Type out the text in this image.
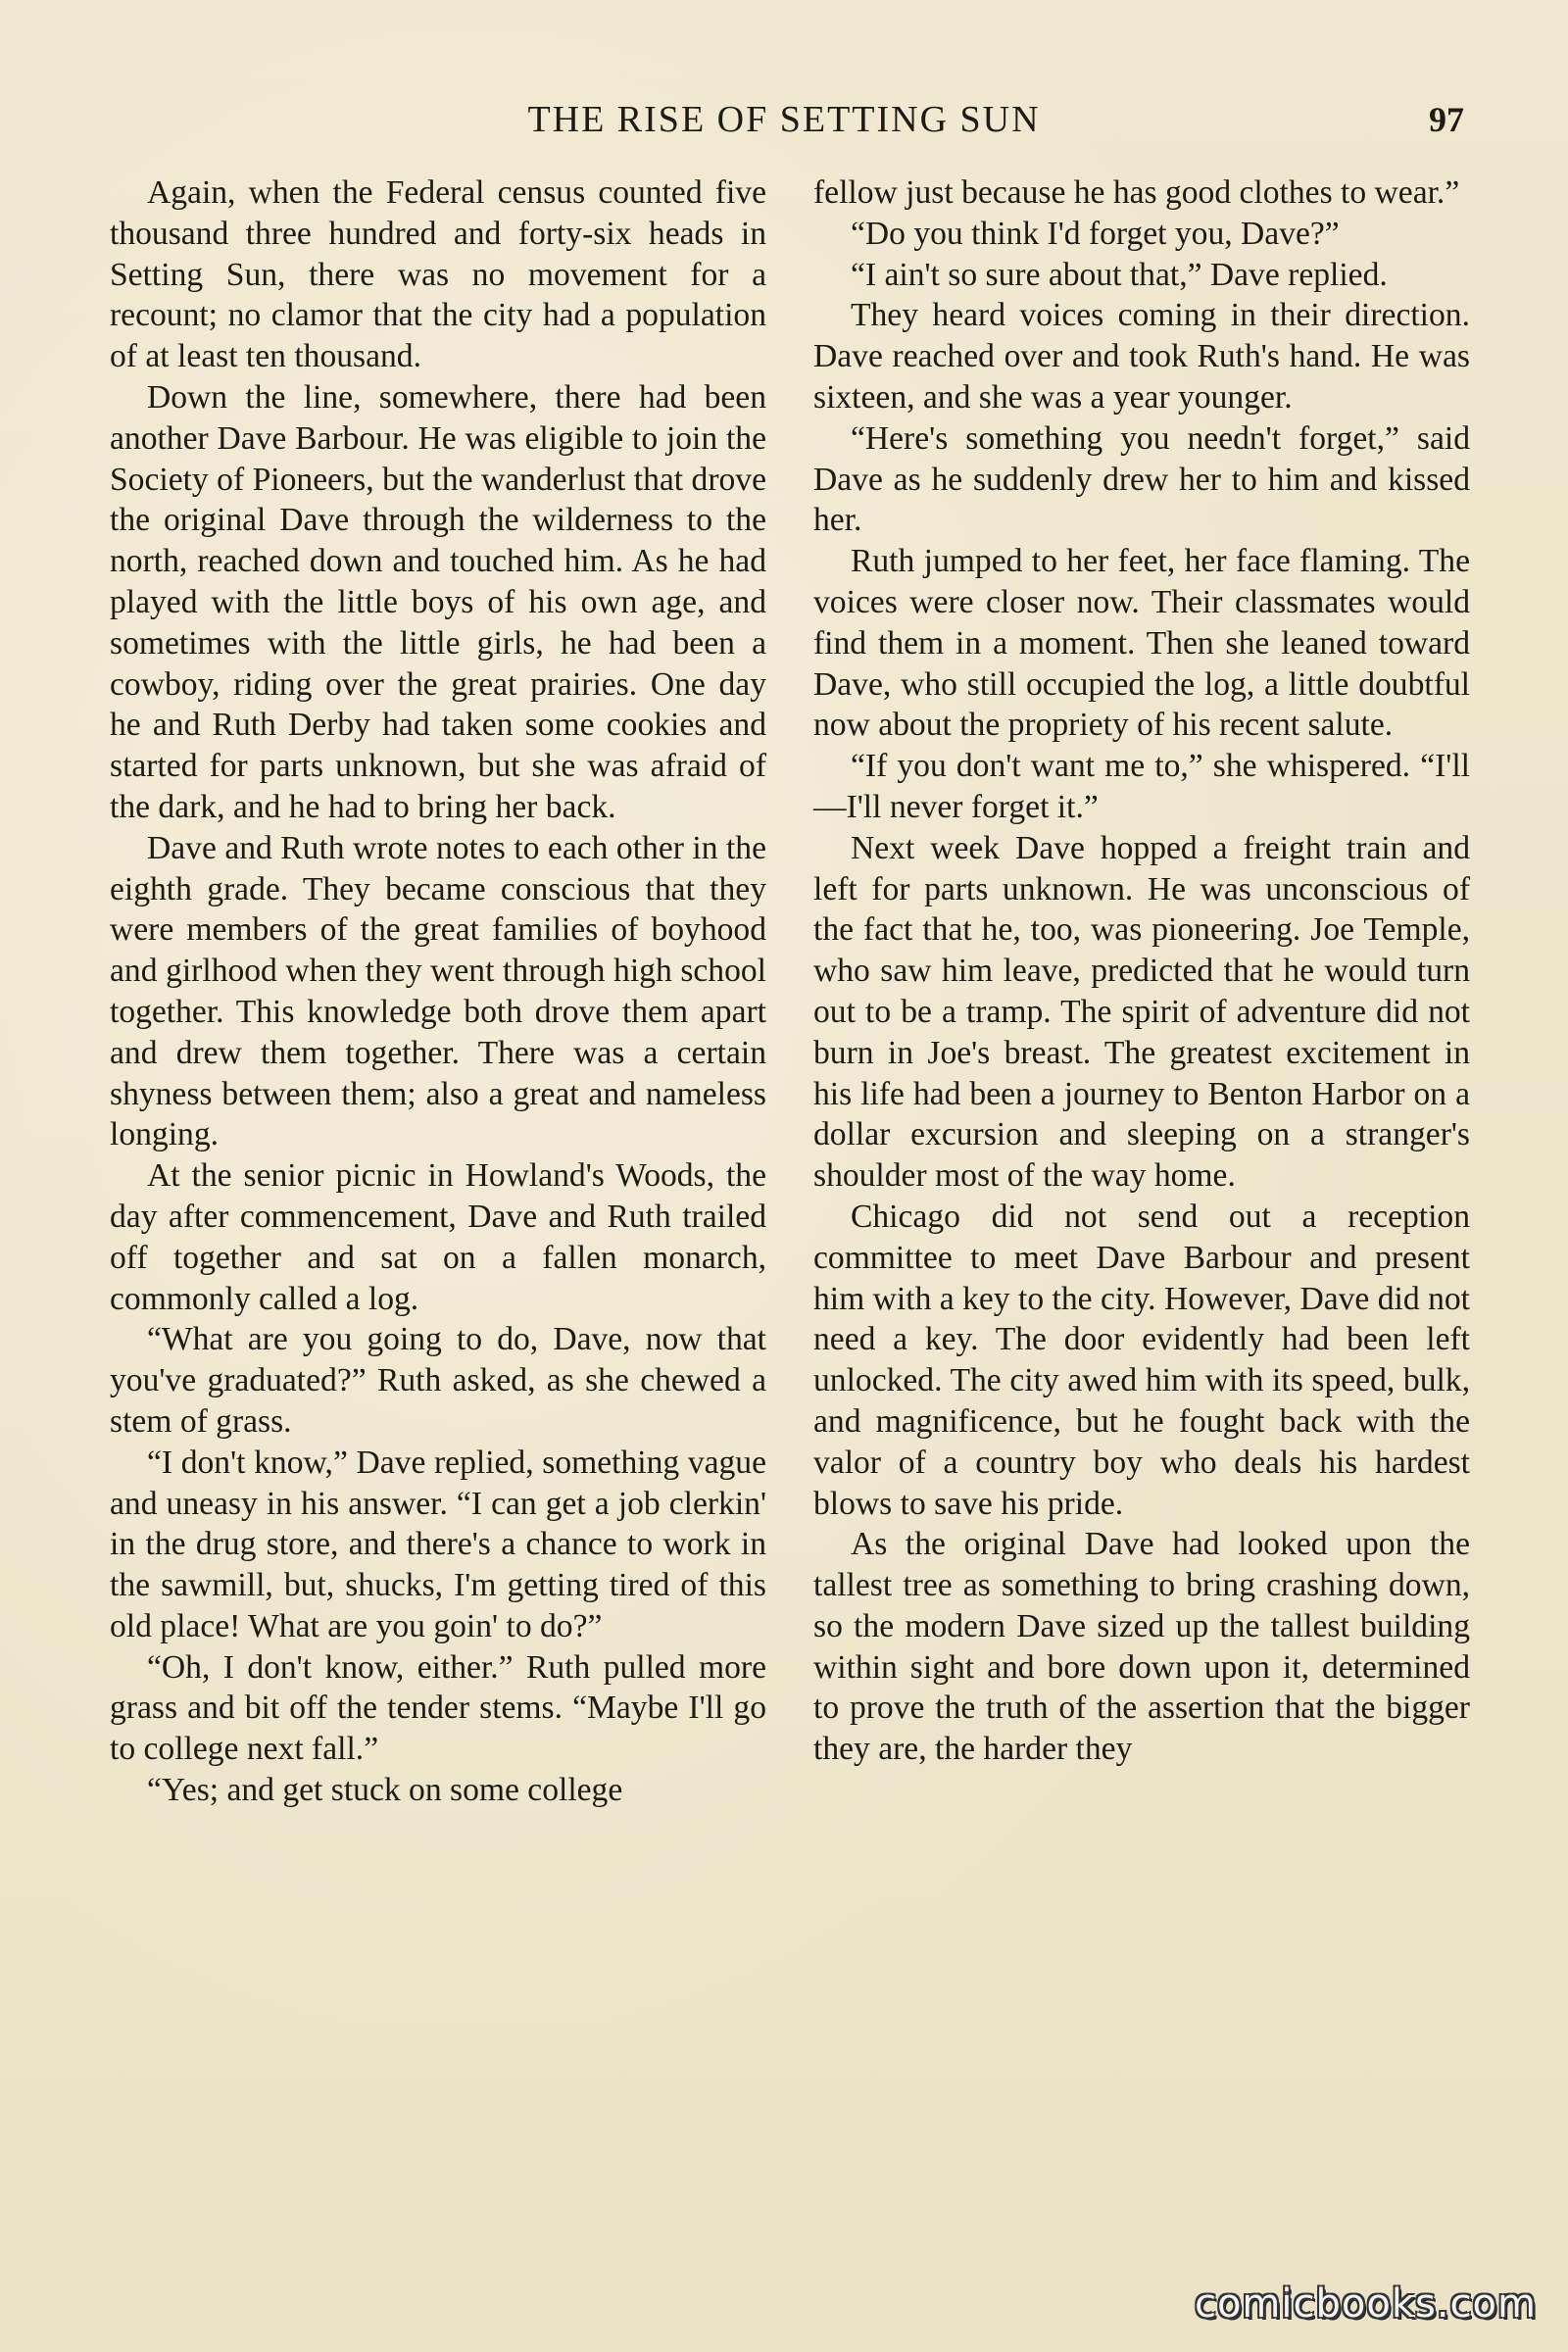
THE RISE OF SETTING SUN	97

Again, when the Federal census counted five thousand three hundred and forty-six heads in Setting Sun, there was no movement for a recount; no clamor that the city had a population of at least ten thousand.

Down the line, somewhere, there had been another Dave Barbour. He was eligible to join the Society of Pioneers, but the wanderlust that drove the original Dave through the wilderness to the north, reached down and touched him. As he had played with the little boys of his own age, and sometimes with the little girls, he had been a cowboy, riding over the great prairies. One day he and Ruth Derby had taken some cookies and started for parts unknown, but she was afraid of the dark, and he had to bring her back.

Dave and Ruth wrote notes to each other in the eighth grade. They became conscious that they were members of the great families of boyhood and girlhood when they went through high school together. This knowledge both drove them apart and drew them together. There was a certain shyness between them; also a great and nameless longing.

At the senior picnic in Howland's Woods, the day after commencement, Dave and Ruth trailed off together and sat on a fallen monarch, commonly called a log.

“What are you going to do, Dave, now that you've graduated?” Ruth asked, as she chewed a stem of grass.

“I don't know,” Dave replied, something vague and uneasy in his answer. “I can get a job clerkin' in the drug store, and there's a chance to work in the sawmill, but, shucks, I'm getting tired of this old place! What are you goin' to do?”

“Oh, I don't know, either.” Ruth pulled more grass and bit off the tender stems. “Maybe I'll go to college next fall.”

“Yes; and get stuck on some college

fellow just because he has good clothes to wear.”

“Do you think I'd forget you, Dave?”

“I ain't so sure about that,” Dave replied.

They heard voices coming in their direction. Dave reached over and took Ruth's hand. He was sixteen, and she was a year younger.

“Here's something you needn't forget,” said Dave as he suddenly drew her to him and kissed her.

Ruth jumped to her feet, her face flaming. The voices were closer now. Their classmates would find them in a moment. Then she leaned toward Dave, who still occupied the log, a little doubtful now about the propriety of his recent salute.

“If you don't want me to,” she whispered. “I'll—I'll never forget it.”

Next week Dave hopped a freight train and left for parts unknown. He was unconscious of the fact that he, too, was pioneering. Joe Temple, who saw him leave, predicted that he would turn out to be a tramp. The spirit of adventure did not burn in Joe's breast. The greatest excitement in his life had been a journey to Benton Harbor on a dollar excursion and sleeping on a stranger's shoulder most of the way home.

Chicago did not send out a reception committee to meet Dave Barbour and present him with a key to the city. However, Dave did not need a key. The door evidently had been left unlocked. The city awed him with its speed, bulk, and magnificence, but he fought back with the valor of a country boy who deals his hardest blows to save his pride.

As the original Dave had looked upon the tallest tree as something to bring crashing down, so the modern Dave sized up the tallest building within sight and bore down upon it, determined to prove the truth of the assertion that the bigger they are, the harder they

comicbooks.com
